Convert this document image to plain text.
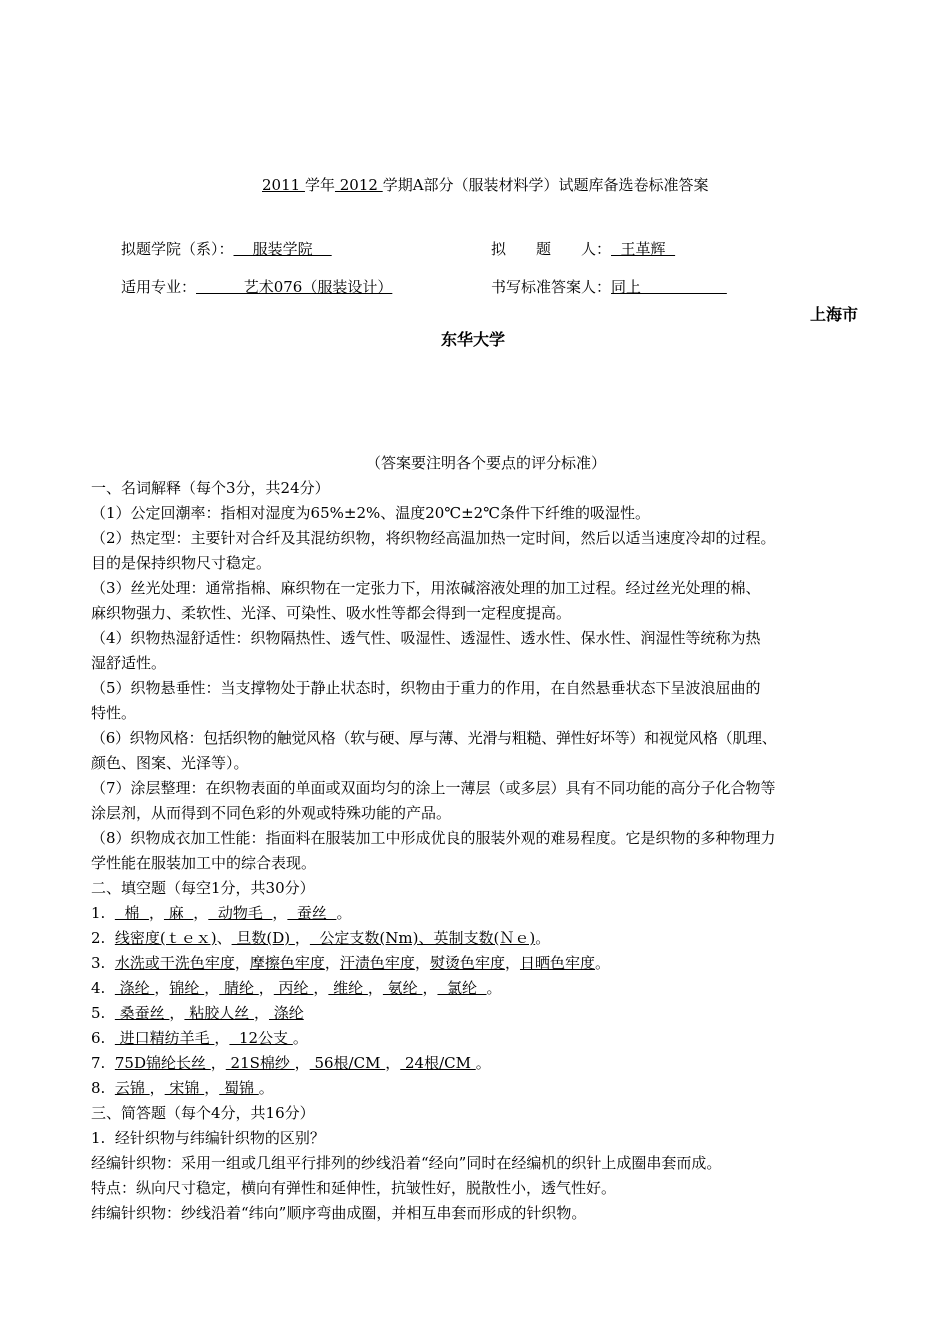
2011 学年 2012 学期A部分（服装材料学）试题库备选卷标准答案
拟题学院（系）：    服装学院	拟　　题　　人：  王革辉
适用专业：          艺术076（服装设计）	书写标准答案人：同上
上海市
东华大学
（答案要注明各个要点的评分标准）
一、名词解释（每个3分，共24分）
（1）公定回潮率：指相对湿度为65%±2%、温度20℃±2℃条件下纤维的吸湿性。
（2）热定型：主要针对合纤及其混纺织物，将织物经高温加热一定时间，然后以适当速度冷却的过程。
目的是保持织物尺寸稳定。
（3）丝光处理：通常指棉、麻织物在一定张力下，用浓碱溶液处理的加工过程。经过丝光处理的棉、
麻织物强力、柔软性、光泽、可染性、吸水性等都会得到一定程度提高。
（4）织物热湿舒适性：织物隔热性、透气性、吸湿性、透湿性、透水性、保水性、润湿性等统称为热
湿舒适性。
（5）织物悬垂性：当支撑物处于静止状态时，织物由于重力的作用，在自然悬垂状态下呈波浪屈曲的
特性。
（6）织物风格：包括织物的触觉风格（软与硬、厚与薄、光滑与粗糙、弹性好坏等）和视觉风格（肌理、
颜色、图案、光泽等）。
（7）涂层整理：在织物表面的单面或双面均匀的涂上一薄层（或多层）具有不同功能的高分子化合物等
涂层剂，从而得到不同色彩的外观或特殊功能的产品。
（8）织物成衣加工性能：指面料在服装加工中形成优良的服装外观的难易程度。它是织物的多种物理力
学性能在服装加工中的综合表现。
二、填空题（每空1分，共30分）
1.    棉  ， 麻  ，  动物毛  ，  蚕丝  。
2. 线密度(ｔｅｘ)、 旦数(D) ，  公定支数(Nm)、英制支数(Ｎｅ)。
3. 水洗或干洗色牢度，摩擦色牢度，汗渍色牢度，熨烫色牢度，日晒色牢度。
4.   涤纶 ，锦纶 ， 腈纶 ， 丙纶 ， 维纶 ， 氨纶 ，  氯纶  。
5.   桑蚕丝 ， 粘胶人丝 ， 涤纶
6.   进口精纺羊毛 ，  12公支 。
7. 75D锦纶长丝 ， 21S棉纱 ， 56根/CM ， 24根/CM 。
8. 云锦 ， 宋锦 ， 蜀锦 。
三、简答题（每个4分，共16分）
1.  经针织物与纬编针织物的区别？
经编针织物：采用一组或几组平行排列的纱线沿着“经向”同时在经编机的织针上成圈串套而成。
特点：纵向尺寸稳定，横向有弹性和延伸性，抗皱性好，脱散性小，透气性好。
纬编针织物：纱线沿着“纬向”顺序弯曲成圈，并相互串套而形成的针织物。
